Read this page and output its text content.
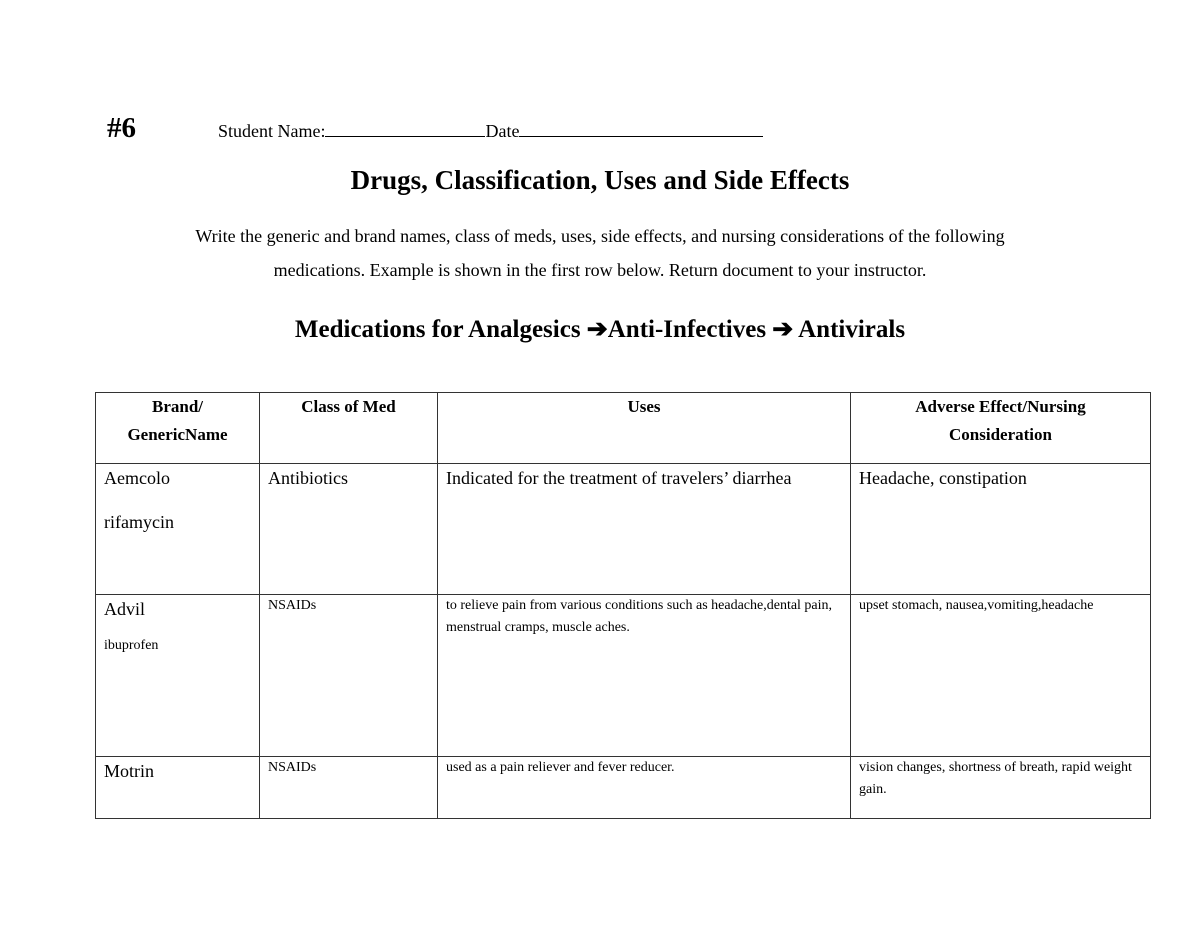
#6	Student Name:	Date
Drugs, Classification, Uses and Side Effects
Write the generic and brand names, class of meds, uses, side effects, and nursing considerations of the following
medications. Example is shown in the first row below. Return document to your instructor.
Medications for Analgesics ➔Anti-Infectives ➔ Antivirals
Brand/
GenericName	Class of Med	Uses	Adverse Effect/Nursing
Consideration

Aemcolo
rifamycin	Antibiotics	Indicated for the treatment of travelers’ diarrhea	Headache, constipation

Advil
ibuprofen	NSAIDs	to relieve pain from various conditions such as headache,dental pain, menstrual cramps, muscle aches.	upset stomach, nausea,vomiting,headache

Motrin	NSAIDs	used as a pain reliever and fever reducer.	vision changes, shortness of breath, rapid weight gain.
